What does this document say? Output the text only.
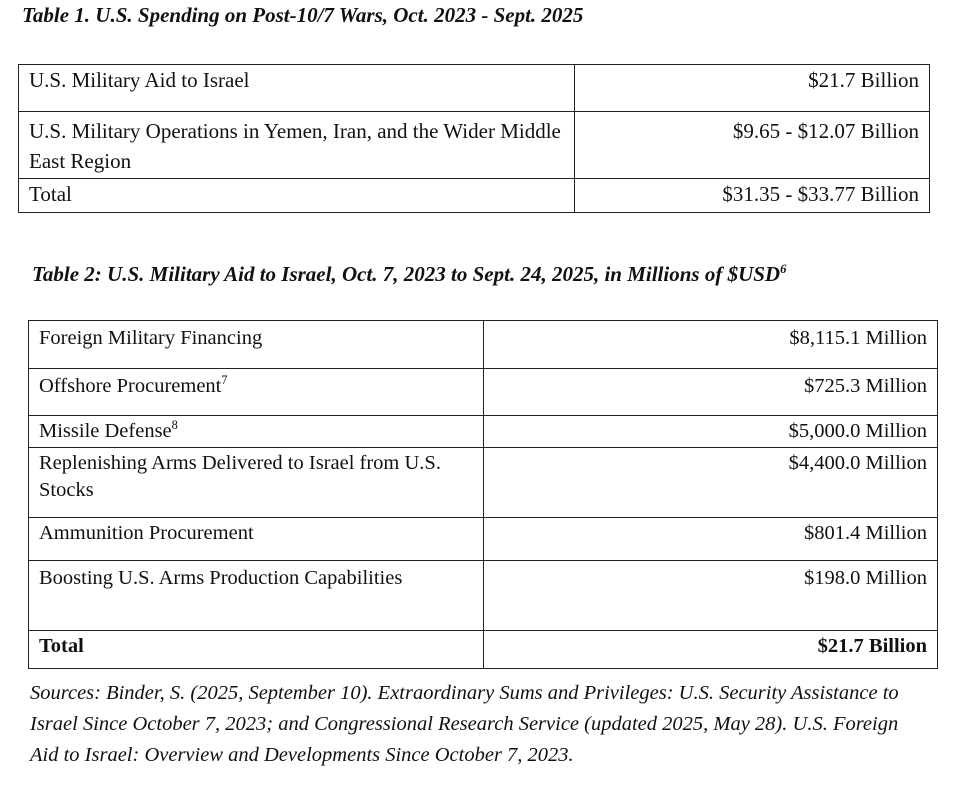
Table 1. U.S. Spending on Post-10/7 Wars, Oct. 2023 - Sept. 2025
U.S. Military Aid to Israel	$21.7 Billion
U.S. Military Operations in Yemen, Iran, and the Wider Middle East Region	$9.65 - $12.07 Billion
Total	$31.35 - $33.77 Billion
Table 2: U.S. Military Aid to Israel, Oct. 7, 2023 to Sept. 24, 2025, in Millions of $USD$^6$
Foreign Military Financing	$8,115.1 Million
Offshore Procurement$^7$	$725.3 Million
Missile Defense$^8$	$5,000.0 Million
Replenishing Arms Delivered to Israel from U.S. Stocks	$4,400.0 Million
Ammunition Procurement	$801.4 Million
Boosting U.S. Arms Production Capabilities	$198.0 Million
Total	$21.7 Billion

Sources: Binder, S. (2025, September 10). Extraordinary Sums and Privileges: U.S. Security Assistance to Israel Since October 7, 2023; and Congressional Research Service (updated 2025, May 28). U.S. Foreign Aid to Israel: Overview and Developments Since October 7, 2023.
